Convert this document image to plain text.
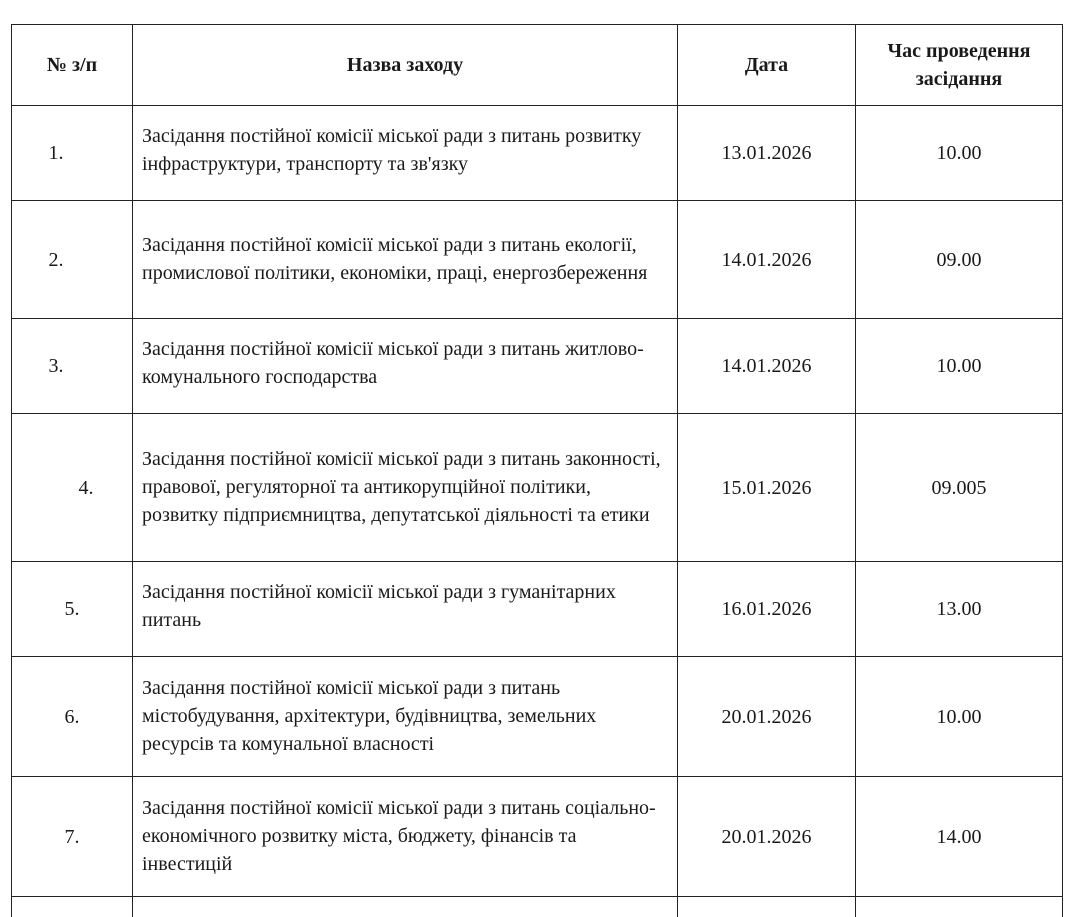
№ з/п	Назва заходу	Дата	Час проведення засідання
1.	Засідання постійної комісії міської ради з питань розвитку інфраструктури, транспорту та зв'язку	13.01.2026	10.00
2.	Засідання постійної комісії міської ради з питань екології, промислової політики, економіки, праці, енергозбереження	14.01.2026	09.00
3.	Засідання постійної комісії міської ради з питань житлово-комунального господарства	14.01.2026	10.00
4.	Засідання постійної комісії міської ради з питань законності, правової, регуляторної та антикорупційної політики, розвитку підприємництва, депутатської діяльності та етики	15.01.2026	09.005
5.	Засідання постійної комісії міської ради з гуманітарних питань	16.01.2026	13.00
6.	Засідання постійної комісії міської ради з питань містобудування, архітектури, будівництва, земельних ресурсів та комунальної власності	20.01.2026	10.00
7.	Засідання постійної комісії міської ради з питань соціально-економічного розвитку міста, бюджету, фінансів та інвестицій	20.01.2026	14.00
